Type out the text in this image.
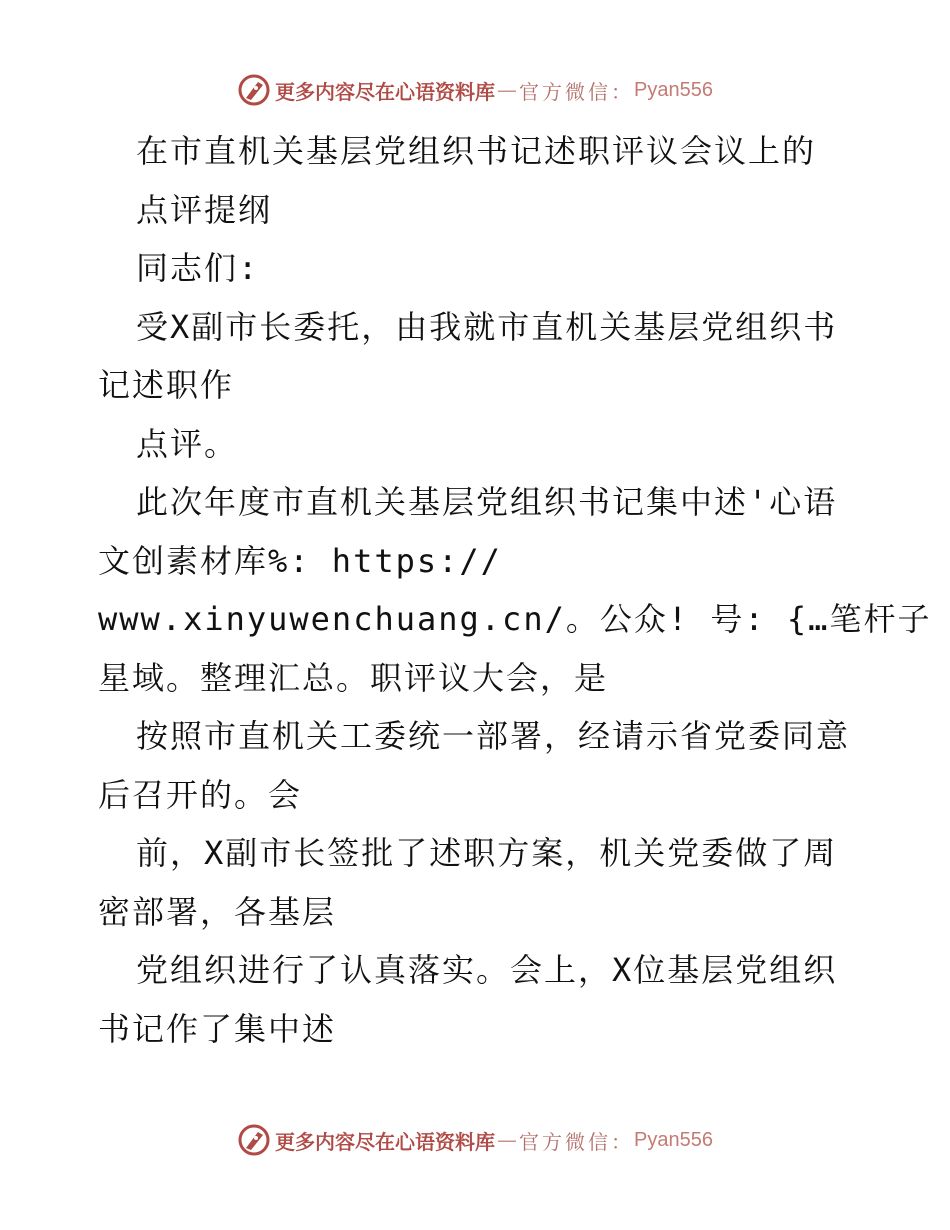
更多内容尽在心语资料库 — 官方微信： Pyan556
在市直机关基层党组织书记述职评议会议上的
点评提纲
同志们:
受X副市长委托，由我就市直机关基层党组织书
记述职作
点评。
此次年度市直机关基层党组织书记集中述'心语
文创素材库%: https://
www.xinyuwenchuang.cn/。公众! 号: {…笔杆子
星域。整理汇总。职评议大会，是
按照市直机关工委统一部署，经请示省党委同意
后召开的。会
前，X副市长签批了述职方案，机关党委做了周
密部署，各基层
党组织进行了认真落实。会上，X位基层党组织
书记作了集中述
更多内容尽在心语资料库 — 官方微信： Pyan556
